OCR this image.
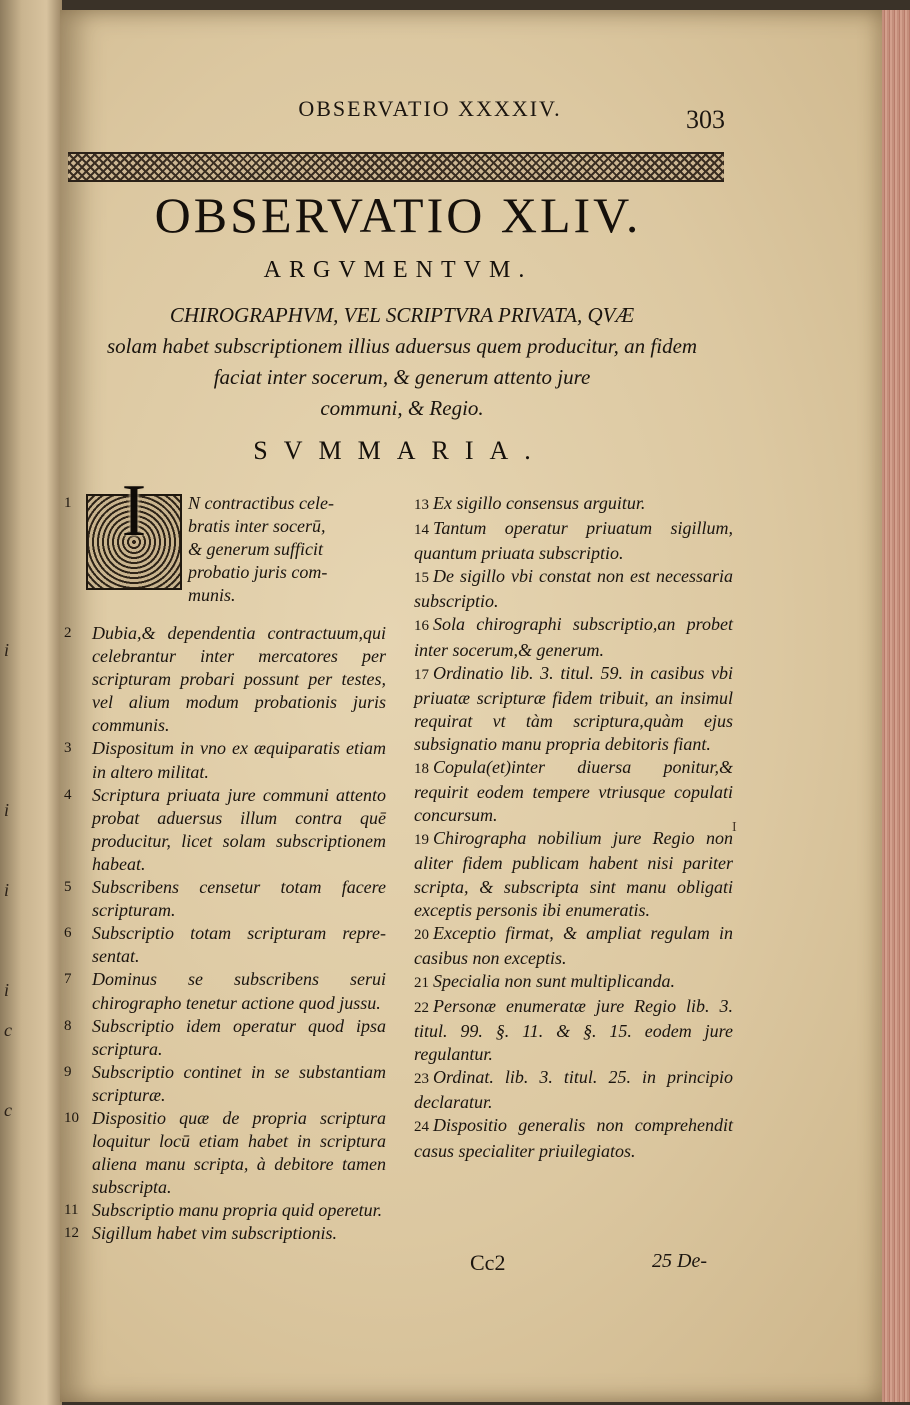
i
i
i
i
c
c
OBSERVATIO XXXXIV.	303
OBSERVATIO XLIV.
ARGVMENTVM.
CHIROGRAPHVM, VEL SCRIPTVRA PRIVATA, QVÆ
solam habet subscriptionem illius aduersus quem producitur, an fidem
faciat inter socerum, & generum attento jure
communi, & Regio.
SVMMARIA.
1 I	N contractibus cele-
bratis inter socerū,
& generum sufficit
probatio juris com-
munis.
2 Dubia,& dependentia contractuum,qui celebrantur inter mercatores per scripturam probari possunt per testes, vel alium modum probationis juris communis.
3 Dispositum in vno ex æquiparatis etiam in altero militat.
4 Scriptura priuata jure communi attento probat aduersus illum contra quē producitur, licet solam subscriptionem habeat.
5 Subscribens censetur totam facere scripturam.
6 Subscriptio totam scripturam repre-sentat.
7 Dominus se subscribens serui chirographo tenetur actione quod jussu.
8 Subscriptio idem operatur quod ipsa scriptura.
9 Subscriptio continet in se substantiam scripturæ.
10 Dispositio quæ de propria scriptura loquitur locū etiam habet in scriptura aliena manu scripta, à debitore tamen subscripta.
11 Subscriptio manu propria quid operetur.
12 Sigillum habet vim subscriptionis.
13 Ex sigillo consensus arguitur.
14 Tantum operatur priuatum sigillum, quantum priuata subscriptio.
15 De sigillo vbi constat non est necessaria subscriptio.
16 Sola chirographi subscriptio,an probet inter socerum,& generum.
17 Ordinatio lib. 3. titul. 59. in casibus vbi priuatæ scripturæ fidem tribuit, an insimul requirat vt tàm scriptura,quàm ejus subsignatio manu propria debitoris fiant.
18 Copula(et)inter diuersa ponitur,& requirit eodem tempere vtriusque copulati concursum.
19 Chirographa nobilium jure Regio non aliter fidem publicam habent nisi pariter scripta, & subscripta sint manu obligati exceptis personis ibi enumeratis.
20 Exceptio firmat, & ampliat regulam in casibus non exceptis.
21 Specialia non sunt multiplicanda.
22 Personæ enumeratæ jure Regio lib. 3. titul. 99. §. 11. & §. 15. eodem jure regulantur.
23 Ordinat. lib. 3. titul. 25. in principio declaratur.
24 Dispositio generalis non comprehendit casus specialiter priuilegiatos.
Cc2	25 De-
I
